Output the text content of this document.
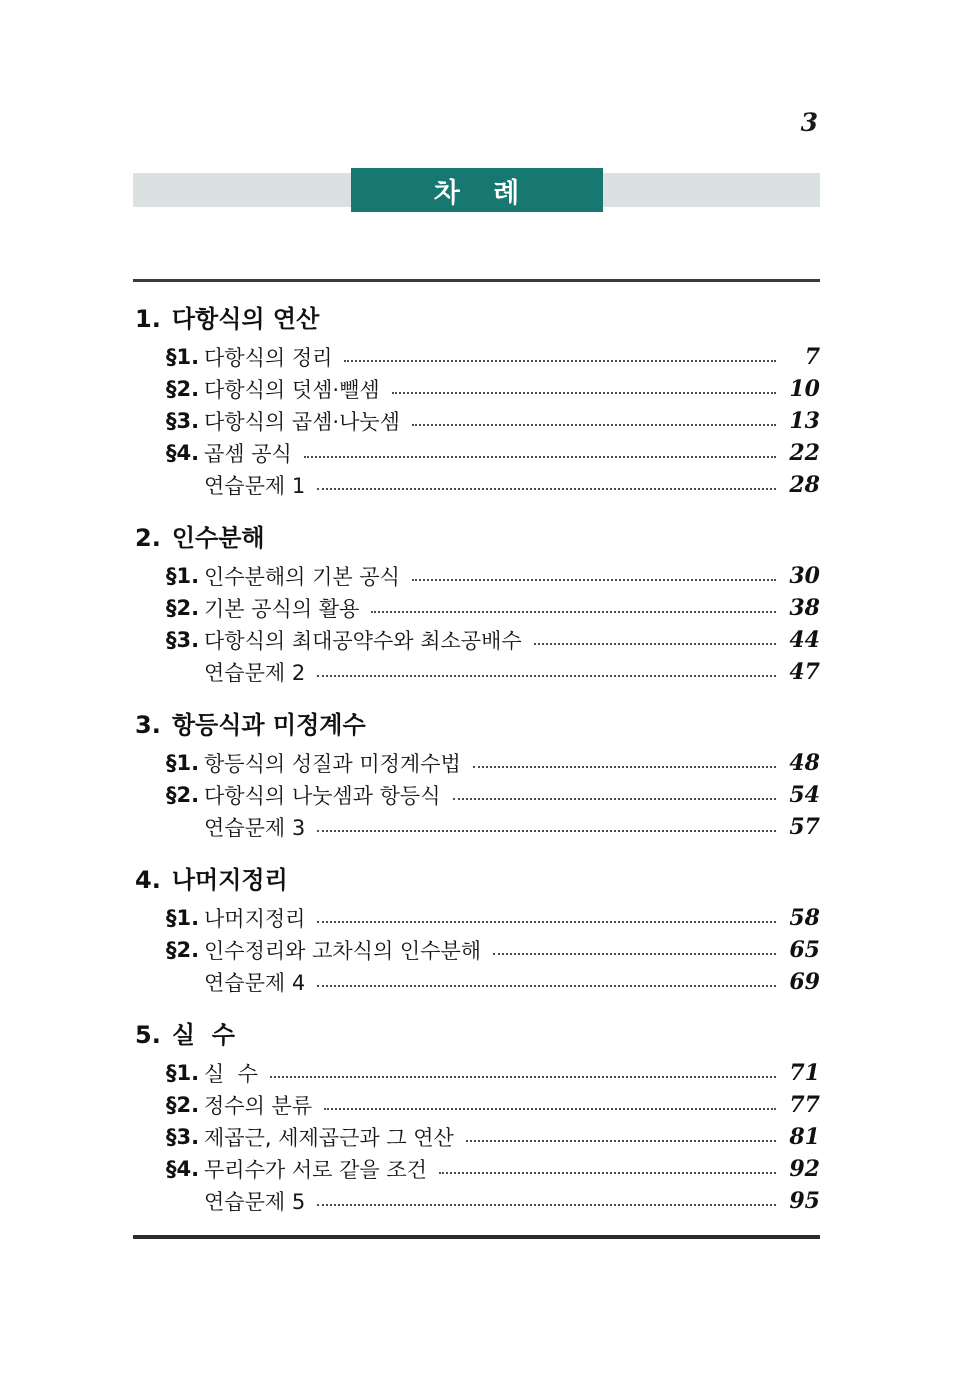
3
차 례
1. 다항식의 연산
§1. 다항식의 정리	7
§2. 다항식의 덧셈·뺄셈	10
§3. 다항식의 곱셈·나눗셈	13
§4. 곱셈 공식	22
연습문제 1	28
2. 인수분해
§1. 인수분해의 기본 공식	30
§2. 기본 공식의 활용	38
§3. 다항식의 최대공약수와 최소공배수	44
연습문제 2	47
3. 항등식과 미정계수
§1. 항등식의 성질과 미정계수법	48
§2. 다항식의 나눗셈과 항등식	54
연습문제 3	57
4. 나머지정리
§1. 나머지정리	58
§2. 인수정리와 고차식의 인수분해	65
연습문제 4	69
5. 실  수
§1. 실  수	71
§2. 정수의 분류	77
§3. 제곱근, 세제곱근과 그 연산	81
§4. 무리수가 서로 같을 조건	92
연습문제 5	95
